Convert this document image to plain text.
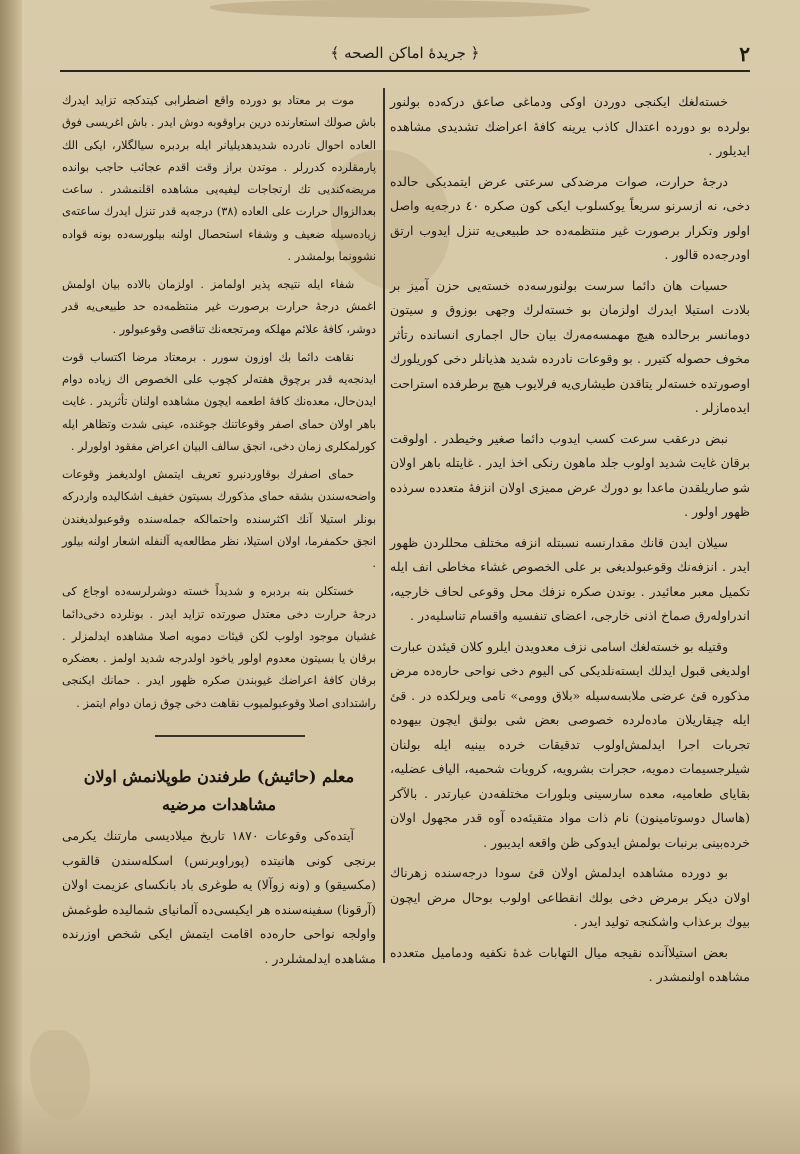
﴿ جريدهٔ اماكن الصحه ﴾	٢

خسته‌لغك ایكنجی دوردن اوكی ودماغی صاعق دركه‌ده بولنور بولرده بو دورده اعتدال كاذب یرینه كافهٔ اعراضك تشدیدی مشاهده ایدیلور .

درجهٔ حرارت، صوات مرضدكی سرعتی عرض ایتمدیكی حالده دخی، نه ازسرنو سریعاً یوكسلوب ایكی كون صكره ٤٠ درجه‌یه واصل اولور وتكرار برصورت غیر منتظمه‌ده حد طبیعی‌یه تنزل ایدوب ارتق اودرجه‌ده قالور .

حسیات هان دائما سرست بولنورسه‌ده خسته‌یی حزن آمیز بر بلادت استیلا ایدرك اولزمان بو خسته‌لرك وجهی بوزوق و سیتون دومانسر برحالده هیچ مهمسه‌مه‌رك بیان حال اجماری انساندە رتأثر مخوف حصوله كتیرر . بو وقوعات نادرده شدید هذیانلر دخی كوریلورك اوصورتده خسته‌لر یتاقدن طیشاری‌یه فرلایوب هیچ برطرفده استراحت ایده‌مازلر .

نبض درعقب سرعت كسب ایدوب دائما صغیر وخیطدر . اولوقت برقان غایت شدید اولوب جلد ماهون رنكی اخذ ایدر . غایتله باهر اولان شو صاریلقدن ماعدا بو دورك عرض ممیزی اولان انزفهٔ متعدده سرذده ظهور اولور .

سیلان ایدن قانك مقدارنسه نسبتله انزفه مختلف محللردن ظهور ایدر . انزفه‌نك وقوعبولدیغی بر علی الخصوص غشاء مخاطی انف ایله تكمیل معبر معائیدر . بوندن صكره نزفك محل وقوعی لحاف خارجیه، اندراوله‌رق صماخ اذنی خارجی، اعضای تنفسیه واقسام تناسلیه‌در .

وقتیله بو خسته‌لغك اسامی نزف معدویدن ایلرو كلان قیئدن عبارت اولدیغی قبول ایدلك ایسته‌نلدیكی كی الیوم دخی نواحی حاره‌ده مرض مذكوره قئ عرضی ملابسه‌سیله «بلاق وومی» نامی ویرلكده در . قئ ایله چیقاریلان ماده‌لرده خصوصی بعض شی‌ بولنق ایچون بیهوده تجربات اجرا ایدلمش‌اولوب تدقیقات خرده‌ بینیه ایله بولنان شیلرجسیمات دمویه، حجرات بشرویه، كرویات شحمیه، الیاف عضلیه، بقایای طعامیه، معده سارسینی وبلورات مختلفه‌دن عبارتدر . بالآكر (هاسال دوسوتامینون) نام ذات مواد متقیئه‌ده آوه قدر مجهول اولان خرده‌بینی برنبات بولمش ایدوكی ظن واقعه ایدیبور .

بو دورده مشاهده ایدلمش اولان قئ سودا درجه‌سنده زهرناك اولان دیكر برمرض دخی بولك انقطاعی اولوب بوحال مرض ایچون بیوك برعذاب واشكنجه تولید ایدر .

بعض استیلاآنده نقیجه میال التهابات غدهٔ نكفیه ودماميل متعدده مشاهده اولنمشدر .

موت بر معتاد بو دورده واقع اضطرابی كیتدكجه تزاید ایدرك باش صولك استعارنده درین براوقوبه دوش ایدر . باش اغریسی فوق العاده احوال نادرده شدیدهدیلیانر ایله بردبره سیالگلار، ایكی الك پارمقلرده كدررلر . موتدن براز وقت اقدم عجائب حاجب بوانده مریضه‌كندیی تك ارتجاجات لیفیه‌یی مشاهده اقلنمشدر . ساعت بعدالزوال حرارت علی العاده (٣٨) درجه‌یه قدر تنزل ایدرك ساعته‌ی زیاده‌سیله ضعیف و وشفاء استحصال اولنه بیلورسه‌ده بونه قواده نشوونما بولمشدر .

شفاء ایله نتیجه پذیر اولمامز . اولزمان بالاده بیان اولمش اغمش درجهٔ حرارت برصورت غیر منتظمه‌ده حد طبیعی‌یه قدر دوشر، كافهٔ علائم مهلكه ومرتجعه‌نك تناقصی وقوعبولور .

نقاهت دائما بك اوزون سورر . برمعتاد مرضا اكتساب قوت ایدنجه‌یه قدر برچوق هفته‌لر كچوب علی الخصوص اك زیاده دوام ایدن‌حال، معده‌نك كافهٔ اطعمه ایچون مشاهده اولنان تأثریدر . غایت باهر اولان حمای اصفر وقوعاتنك جوغنده، عینی شدت وتظاهر ایله كورلمكلری زمان دخی، انجق سالف البیان اعراض مفقود اولورلر .

حمای اصفرك بوقاوردنبرو تعریف ایتمش اولدیغمز وقوعات واضحه‌سندن بشقه حمای مذكورك بسیتون خفیف اشكالیده واردركه بونلر استیلا آنك اكثرسنده واحتمالكه جمله‌سنده وقوعبولدیغندن انجق حكمفرما، اولان استیلا، نظر مطالعه‌یه آلنفله اشعار اولنه بیلور .

خستكلن بنه بردبره و شدیداً خسته دوشرلرسه‌ده اوجاع كی درجهٔ حرارت دخی معتدل صورتده تزاید ایدر . بونلرده دخی‌دائما غشیان موجود اولوب لكن قیئات دمویه اصلا مشاهده ایدلمزلر . برقان یا بسیتون معدوم اولور یاخود اولدرجه شدید اولمز . بعضكره برقان كافهٔ اعراضك غیوبندن صكره ظهور ایدر . حمانك ایكنجی راشتدادی اصلا وقوعبولمیوب نقاهت دخی چوق زمان دوام ایتمز .

معلم (حائیش) طرفندن طوپلانمش اولان مشاهدات مرضیه

آیتده‌كی وقوعات ١٨٧٠ تاریخ میلادیسی مارتنك یكرمی برنجی كونی هانیتده (پوراوبرنس) اسكله‌سندن قالقوب (مكسیقو) و (ونه زوآلا) یه طوغری باد بانكسای عزیمت اولان (آرقونا) سفینه‌سنده هر ایكیسی‌ده آلمانیای شمالیده طوغمش واولجه نواحی حاره‌ده اقامت ایتمش ایكی شخص اوزرنده مشاهده ایدلمشلردر .
